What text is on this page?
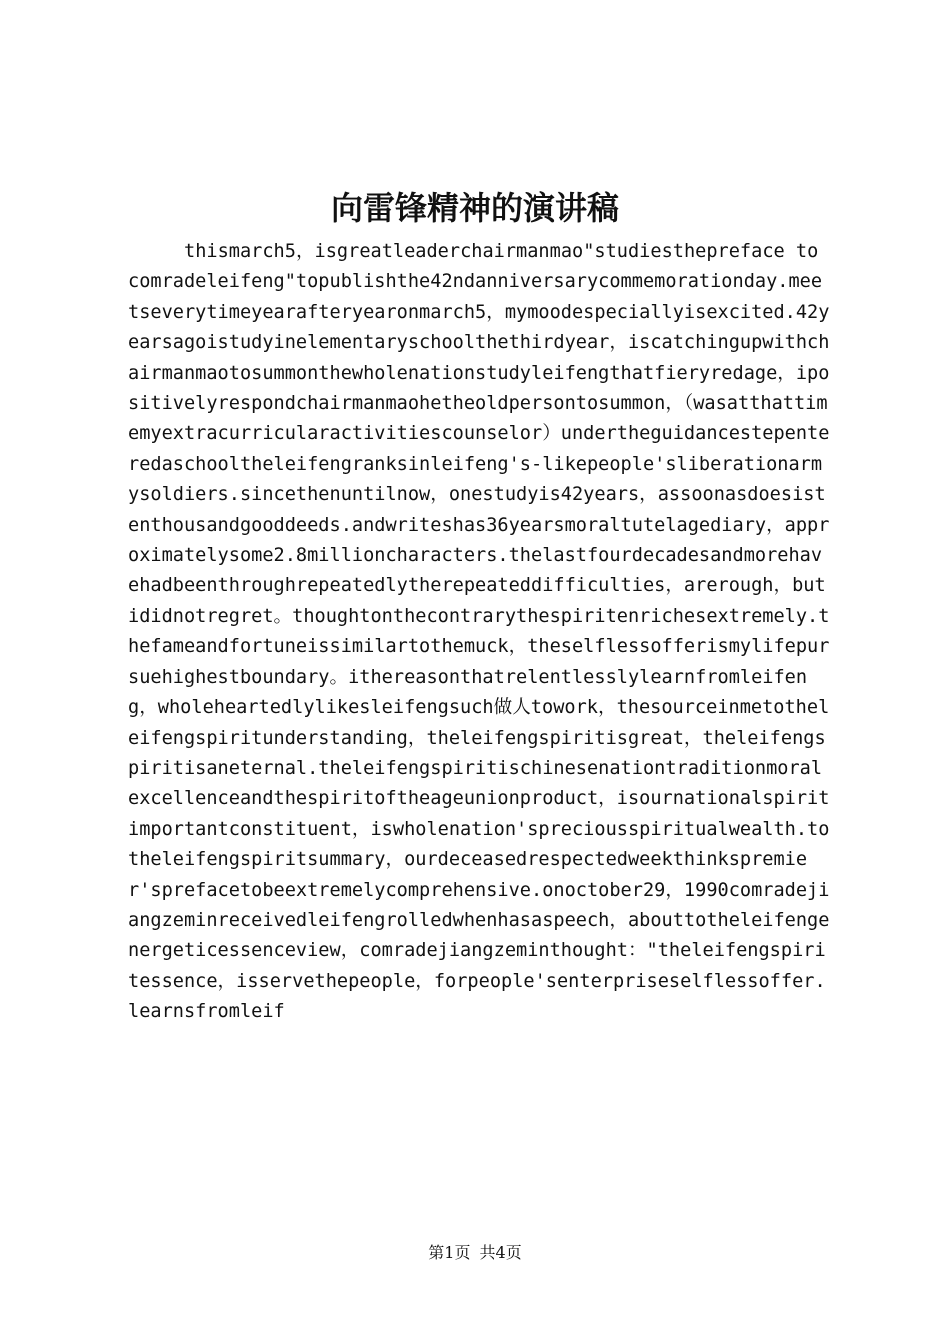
向雷锋精神的演讲稿

thismarch5，isgreatleaderchairmanmao"studiesthepreface to comradeleifeng"topublishthe42ndanniversarycommemorationday.meetseverytimeyearafteryearonmarch5，mymoodespeciallyisexcited.42yearsagoistudyinelementaryschoolthethirdyear，iscatchingupwithchairmanmaotosummonthewholenationstudyleifengthatfieryredage，ipositivelyrespondchairmanmaohetheoldpersontosummon，（wasatthattimemyextracurricularactivitiescounselor）undertheguidancestepenteredaschooltheleifengranksinleifeng's-likepeople'sliberationarmysoldiers.sincethenuntilnow，onestudyis42years，assoonasdoesistenthousandgooddeeds.andwriteshas36yearsmoraltutelagediary，approximatelysome2.8millioncharacters.thelastfourdecadesandmorehavehadbeenthroughrepeatedlytherepeateddifficulties，arerough，butididnotregret。thoughtonthecontrarythespiritenrichesextremely.thefameandfortuneissimilartothemuck，theselflessofferismylifepursuehighestboundary。ithereasonthatrelentlesslylearnfromleifeng，wholeheartedlylikesleifengsuch做人towork，thesourceinmetotheleifengspiritunderstanding，theleifengspiritisgreat，theleifengspiritisaneternal.theleifengspiritischinesenationtraditionmoralexcellenceandthespiritoftheageunionproduct，isournationalspiritimportantconstituent，iswholenation'spreciousspiritualwealth.totheleifengspiritsummary，ourdeceasedrespectedweekthinkspremier'sprefacetobeextremelycomprehensive.onoctober29，1990comradejiangzeminreceivedleifengrolledwhenhasaspeech，abouttotheleifengenergeticessenceview，comradejiangzeminthought："theleifengspiritessence，isservethepeople，forpeople'senterpriseselflessoffer.learnsfromleif

第1页 共4页
